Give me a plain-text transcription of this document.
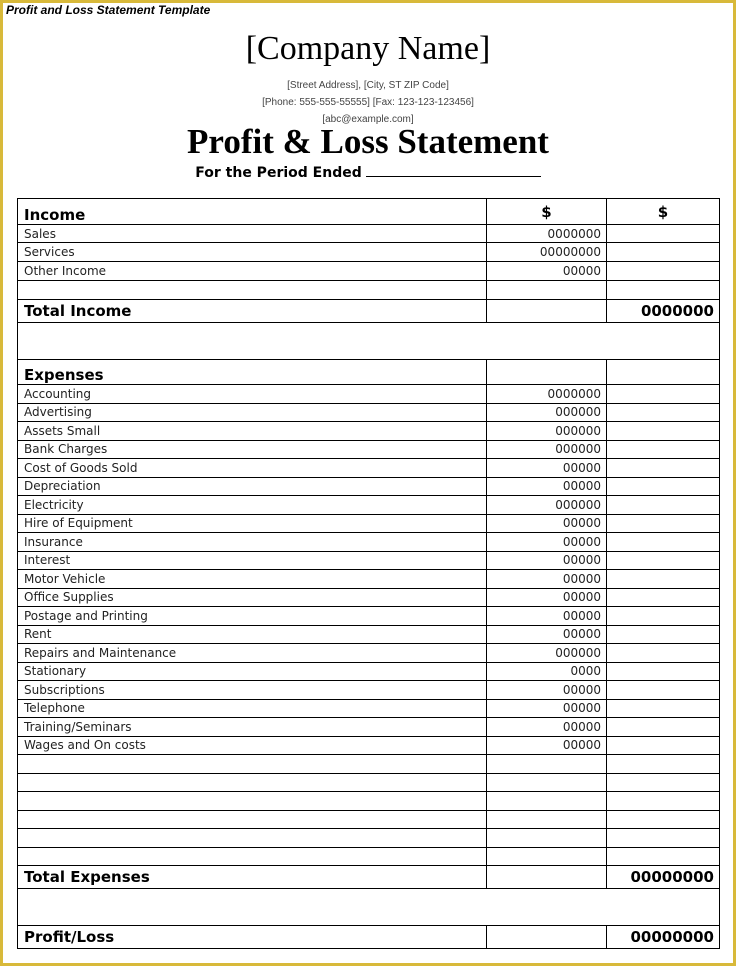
Profit and Loss Statement Template
[Company Name]
[Street Address], [City, ST ZIP Code]
[Phone: 555-555-55555] [Fax: 123-123-123456]
[abc@example.com]
Profit & Loss Statement
For the Period Ended
Income	$	$
Sales	0000000	
Services	00000000	
Other Income	00000	

Total Income		0000000

Expenses		
Accounting	0000000	
Advertising	000000	
Assets Small	000000	
Bank Charges	000000	
Cost of Goods Sold	00000	
Depreciation	00000	
Electricity	000000	
Hire of Equipment	00000	
Insurance	00000	
Interest	00000	
Motor Vehicle	00000	
Office Supplies	00000	
Postage and Printing	00000	
Rent	00000	
Repairs and Maintenance	000000	
Stationary	0000	
Subscriptions	00000	
Telephone	00000	
Training/Seminars	00000	
Wages and On costs	00000	

Total Expenses		00000000

Profit/Loss		00000000
